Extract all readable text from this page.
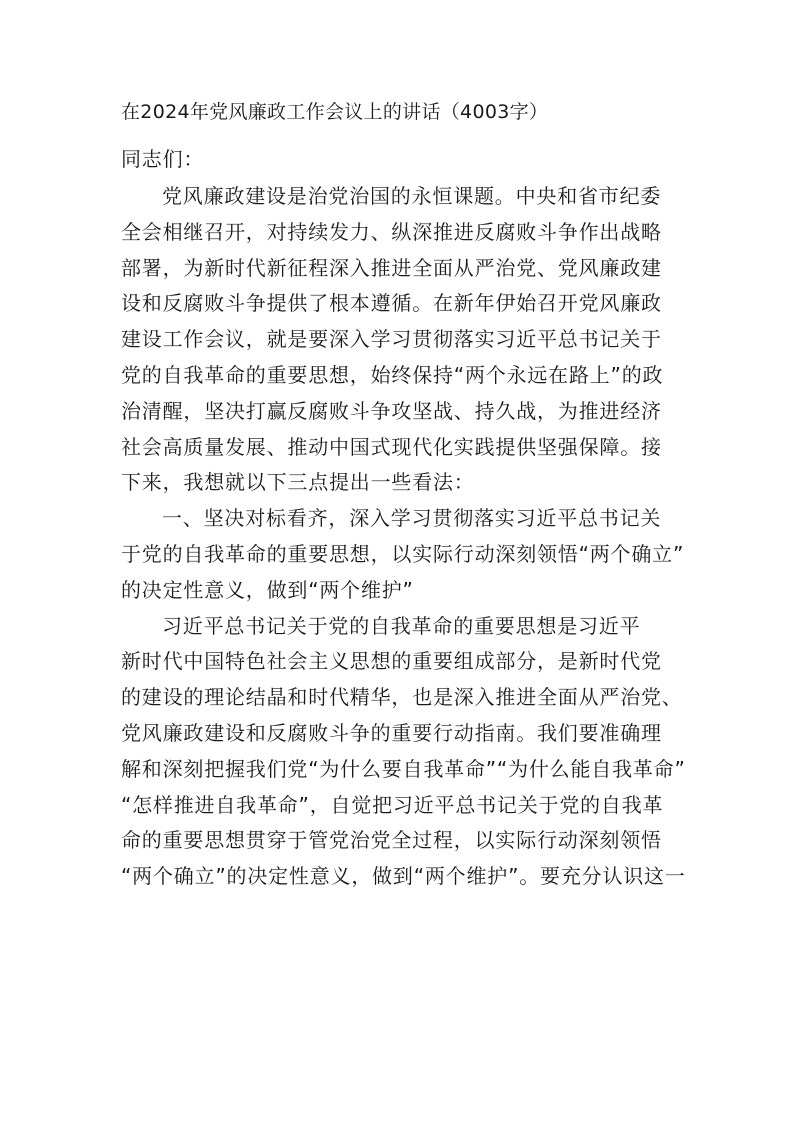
在2024年党风廉政工作会议上的讲话（4003字）
同志们：
党风廉政建设是治党治国的永恒课题。中央和省市纪委
全会相继召开，对持续发力、纵深推进反腐败斗争作出战略
部署，为新时代新征程深入推进全面从严治党、党风廉政建
设和反腐败斗争提供了根本遵循。在新年伊始召开党风廉政
建设工作会议，就是要深入学习贯彻落实习近平总书记关于
党的自我革命的重要思想，始终保持“两个永远在路上”的政
治清醒，坚决打赢反腐败斗争攻坚战、持久战，为推进经济
社会高质量发展、推动中国式现代化实践提供坚强保障。接
下来，我想就以下三点提出一些看法：
一、坚决对标看齐，深入学习贯彻落实习近平总书记关
于党的自我革命的重要思想，以实际行动深刻领悟“两个确立”
的决定性意义，做到“两个维护”
习近平总书记关于党的自我革命的重要思想是习近平
新时代中国特色社会主义思想的重要组成部分，是新时代党
的建设的理论结晶和时代精华，也是深入推进全面从严治党、
党风廉政建设和反腐败斗争的重要行动指南。我们要准确理
解和深刻把握我们党“为什么要自我革命”“为什么能自我革命”
“怎样推进自我革命”，自觉把习近平总书记关于党的自我革
命的重要思想贯穿于管党治党全过程，以实际行动深刻领悟
“两个确立”的决定性意义，做到“两个维护”。要充分认识这一
